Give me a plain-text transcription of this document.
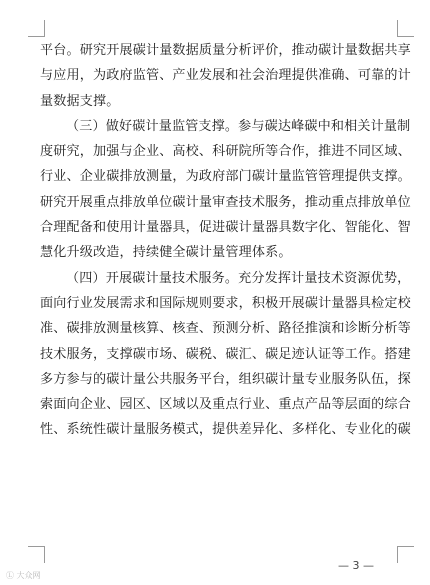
平台。研究开展碳计量数据质量分析评价，推动碳计量数据共享
与应用，为政府监管、产业发展和社会治理提供准确、可靠的计
量数据支撑。

（三）做好碳计量监管支撑。参与碳达峰碳中和相关计量制
度研究，加强与企业、高校、科研院所等合作，推进不同区域、
行业、企业碳排放测量，为政府部门碳计量监管管理提供支撑。
研究开展重点排放单位碳计量审查技术服务，推动重点排放单位
合理配备和使用计量器具，促进碳计量器具数字化、智能化、智
慧化升级改造，持续健全碳计量管理体系。

（四）开展碳计量技术服务。充分发挥计量技术资源优势，
面向行业发展需求和国际规则要求，积极开展碳计量器具检定校
准、碳排放测量核算、核查、预测分析、路径推演和诊断分析等
技术服务，支撑碳市场、碳税、碳汇、碳足迹认证等工作。搭建
多方参与的碳计量公共服务平台，组织碳计量专业服务队伍，探
索面向企业、园区、区域以及重点行业、重点产品等层面的综合
性、系统性碳计量服务模式，提供差异化、多样化、专业化的碳

— 3 —
Ⓛ 大众网
